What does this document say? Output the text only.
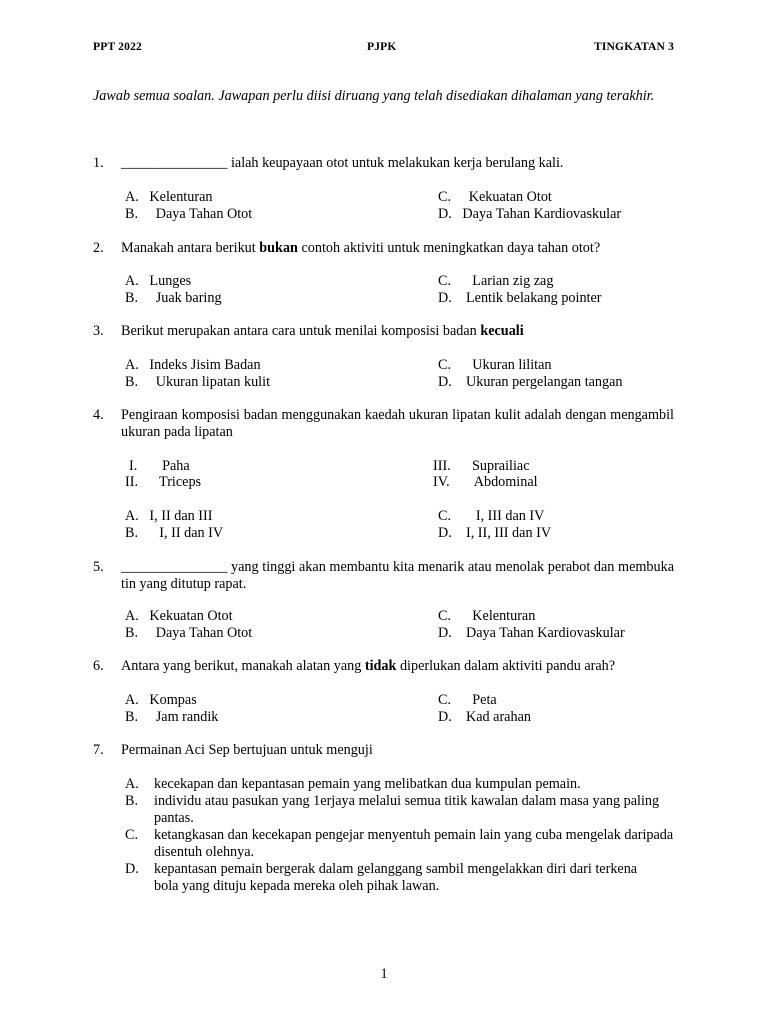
PPT 2022	PJPK	TINGKATAN 3
Jawab semua soalan. Jawapan perlu diisi diruang yang telah disediakan dihalaman yang terakhir.
1. _______________ ialah keupayaan otot untuk melakukan kerja berulang kali.
A.   Kelenturan
B.     Daya Tahan Otot
C.     Kekuatan Otot
D.   Daya Tahan Kardiovaskular
2. Manakah antara berikut bukan contoh aktiviti untuk meningkatkan daya tahan otot?
A.   Lunges
B.     Juak baring
C.      Larian zig zag
D.    Lentik belakang pointer
3. Berikut merupakan antara cara untuk menilai komposisi badan kecuali
A.   Indeks Jisim Badan
B.     Ukuran lipatan kulit
C.      Ukuran lilitan
D.    Ukuran pergelangan tangan
4. Pengiraan komposisi badan menggunakan kaedah ukuran lipatan kulit adalah dengan mengambil ukuran pada lipatan
I.       Paha
II.      Triceps
III.      Suprailiac
IV.       Abdominal
A.   I, II dan III
B.      I, II dan IV
C.       I, III dan IV
D.    I, II, III dan IV
5. _______________ yang tinggi akan membantu kita menarik atau menolak perabot dan membuka tin yang ditutup rapat.
A.   Kekuatan Otot
B.     Daya Tahan Otot
C.      Kelenturan
D.    Daya Tahan Kardiovaskular
6. Antara yang berikut, manakah alatan yang tidak diperlukan dalam aktiviti pandu arah?
A.   Kompas
B.     Jam randik
C.      Peta
D.    Kad arahan
7. Permainan Aci Sep bertujuan untuk menguji
A. kecekapan dan kepantasan pemain yang melibatkan dua kumpulan pemain.
B. individu atau pasukan yang 1erjaya melalui semua titik kawalan dalam masa yang paling pantas.
C. ketangkasan dan kecekapan pengejar menyentuh pemain lain yang cuba mengelak daripada disentuh olehnya.
D. kepantasan pemain bergerak dalam gelanggang sambil mengelakkan diri dari terkena bola yang dituju kepada mereka oleh pihak lawan.
1
